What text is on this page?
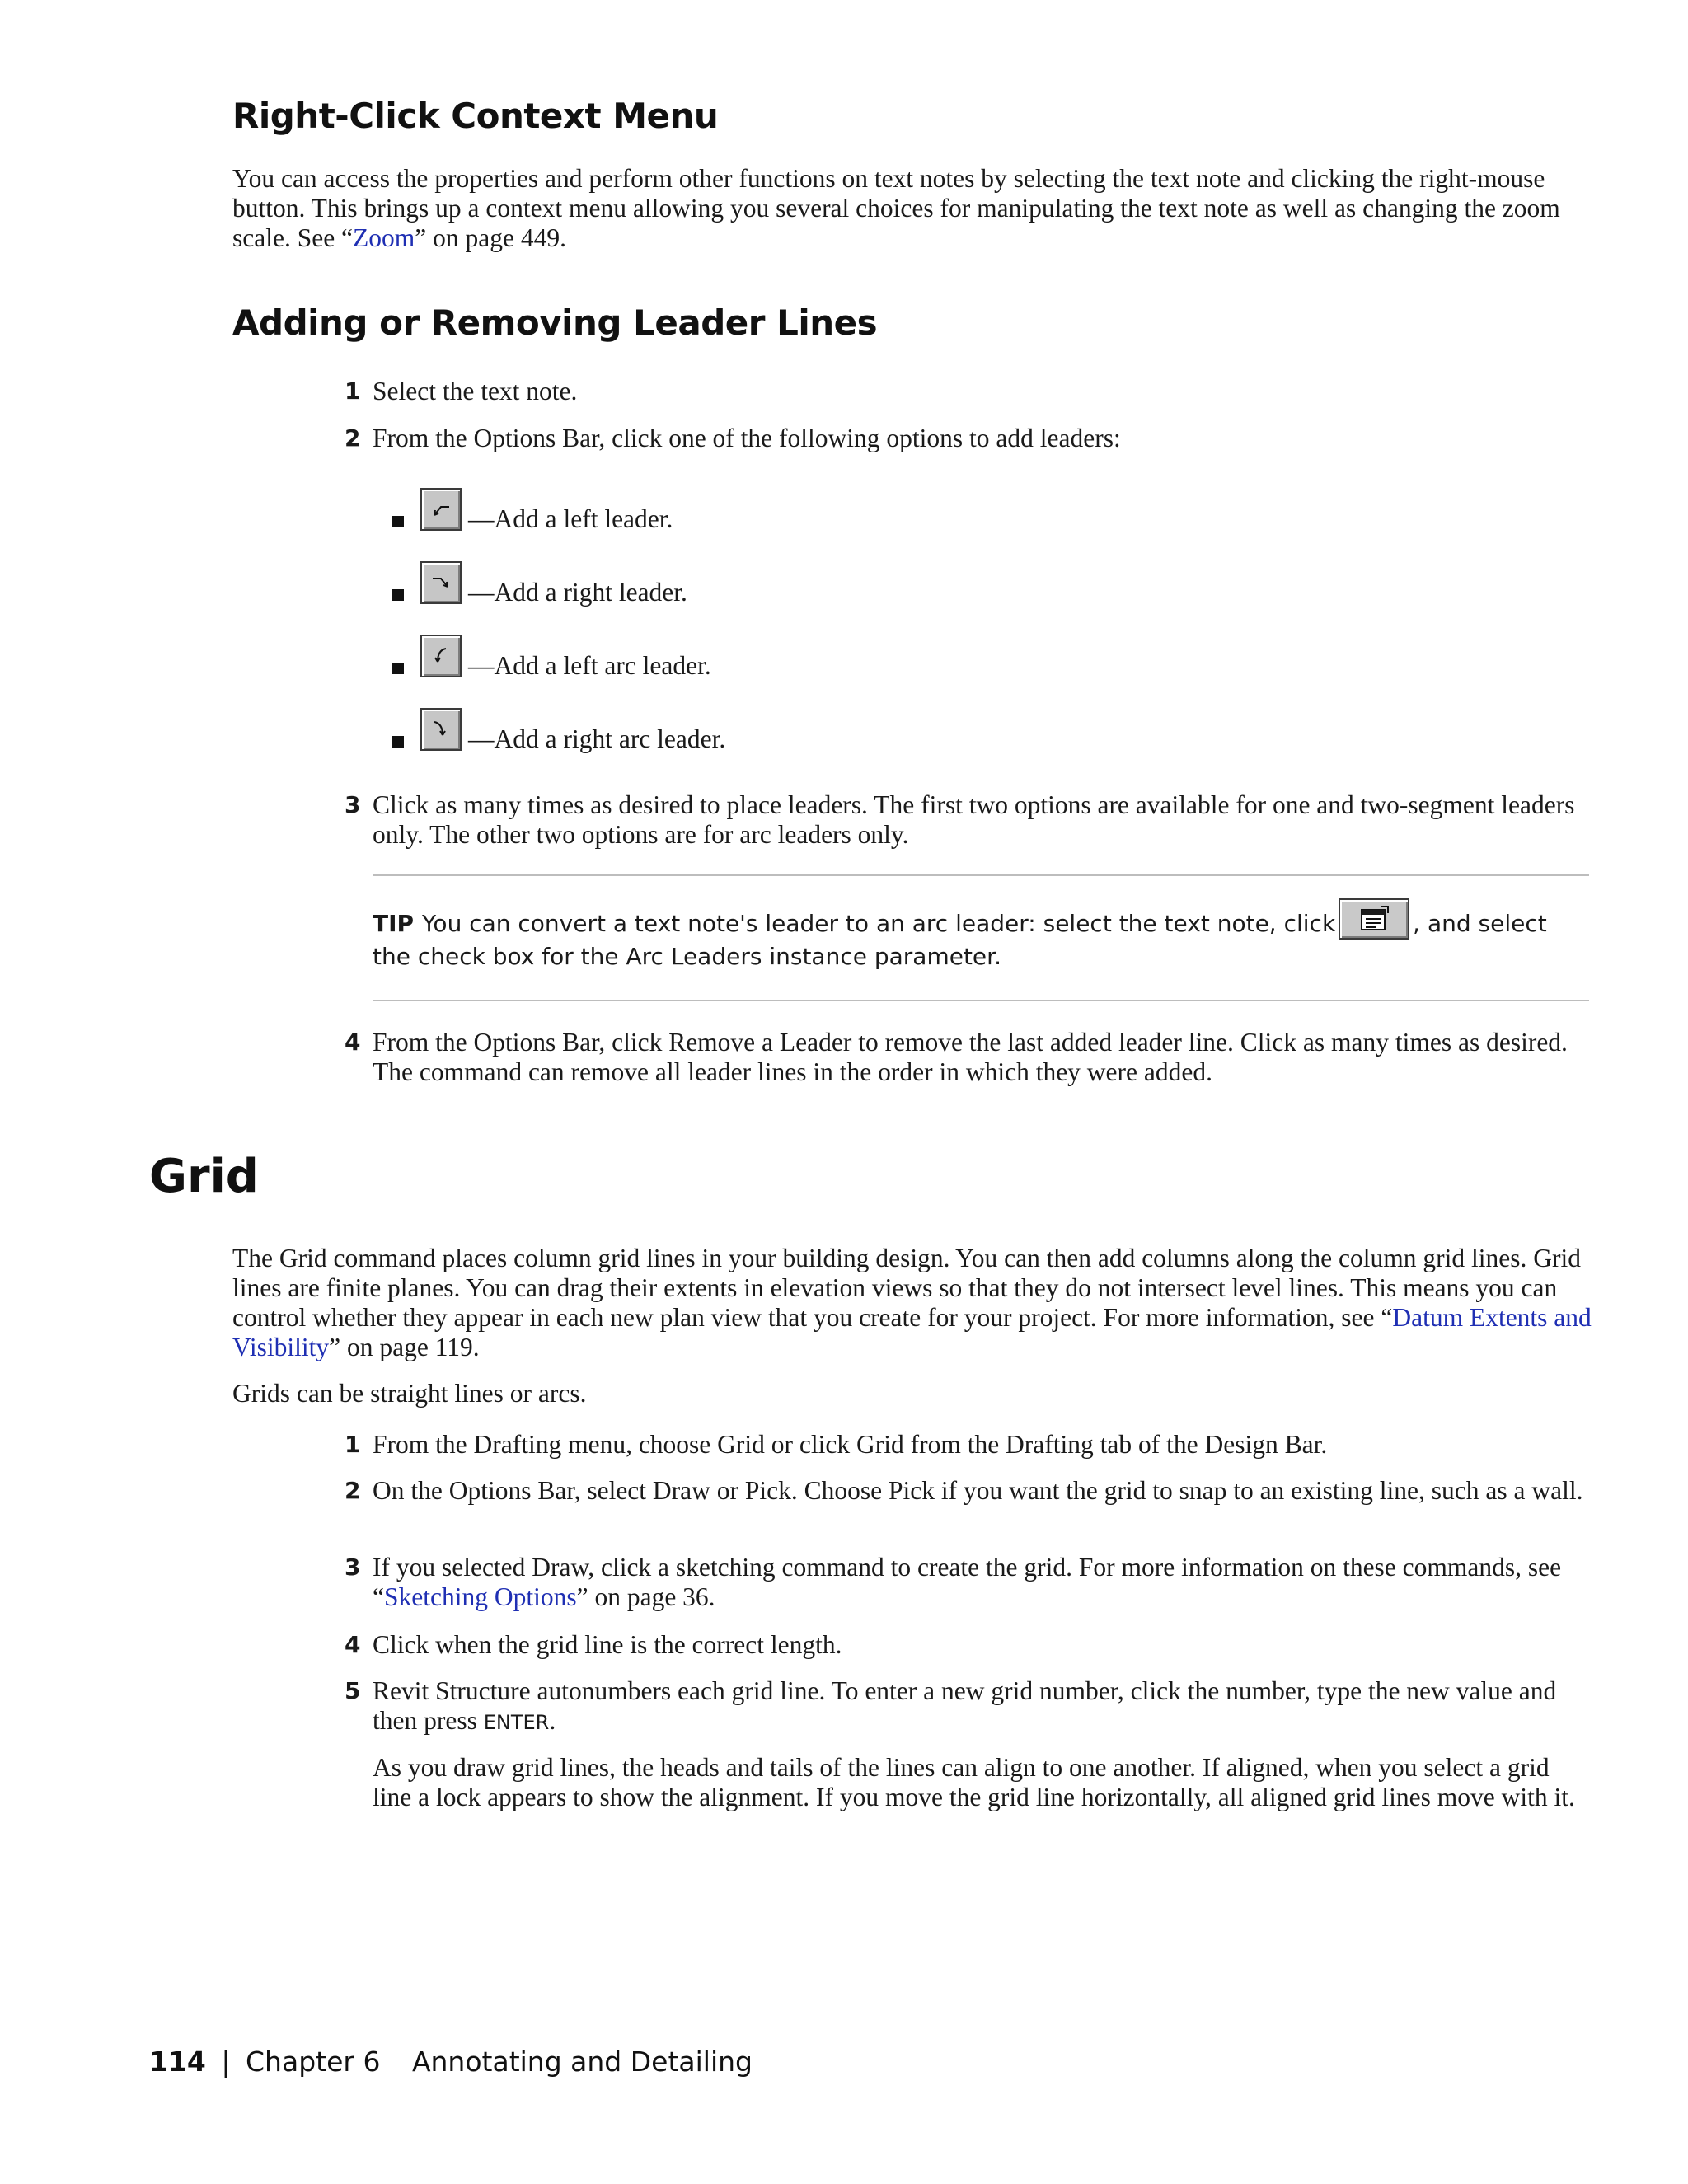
Right-Click Context Menu

You can access the properties and perform other functions on text notes by selecting the text note and clicking the right-mouse button. This brings up a context menu allowing you several choices for manipulating the text note as well as changing the zoom scale. See “Zoom” on page 449.

Adding or Removing Leader Lines
1 Select the text note.
2 From the Options Bar, click one of the following options to add leaders:
—Add a left leader.
—Add a right leader.
—Add a left arc leader.
—Add a right arc leader.
3 Click as many times as desired to place leaders. The first two options are available for one and two-segment leaders only. The other two options are for arc leaders only.
TIP You can convert a text note's leader to an arc leader: select the text note, click	, and select the check box for the Arc Leaders instance parameter.
4 From the Options Bar, click Remove a Leader to remove the last added leader line. Click as many times as desired. The command can remove all leader lines in the order in which they were added.
Grid

The Grid command places column grid lines in your building design. You can then add columns along the column grid lines. Grid lines are finite planes. You can drag their extents in elevation views so that they do not intersect level lines. This means you can control whether they appear in each new plan view that you create for your project. For more information, see “Datum Extents and Visibility” on page 119.

Grids can be straight lines or arcs.

1 From the Drafting menu, choose Grid or click Grid from the Drafting tab of the Design Bar.
2 On the Options Bar, select Draw or Pick. Choose Pick if you want the grid to snap to an existing line, such as a wall.
3 If you selected Draw, click a sketching command to create the grid. For more information on these commands, see “Sketching Options” on page 36.
4 Click when the grid line is the correct length.
5 Revit Structure autonumbers each grid line. To enter a new grid number, click the number, type the new value and then press ENTER.

As you draw grid lines, the heads and tails of the lines can align to one another. If aligned, when you select a grid line a lock appears to show the alignment. If you move the grid line horizontally, all aligned grid lines move with it.

114 | Chapter 6 Annotating and Detailing
